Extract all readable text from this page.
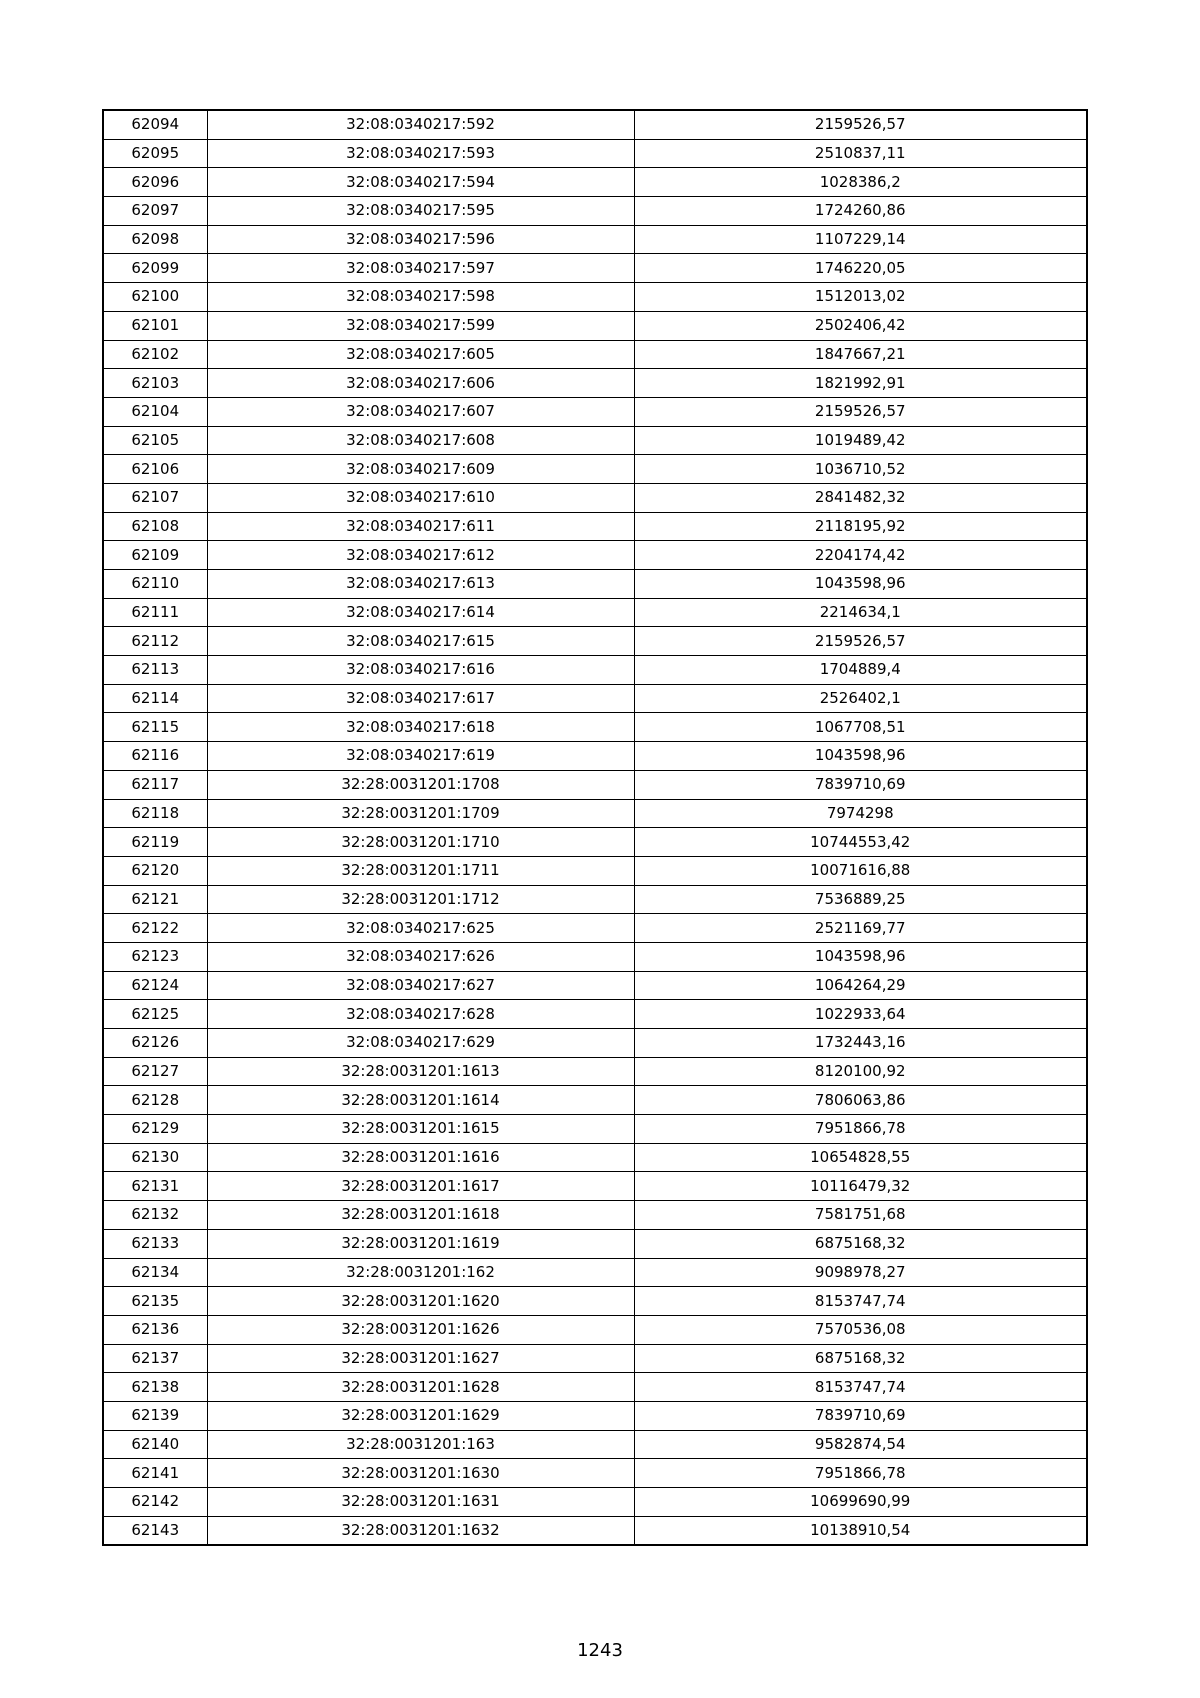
62094	32:08:0340217:592	2159526,57
62095	32:08:0340217:593	2510837,11
62096	32:08:0340217:594	1028386,2
62097	32:08:0340217:595	1724260,86
62098	32:08:0340217:596	1107229,14
62099	32:08:0340217:597	1746220,05
62100	32:08:0340217:598	1512013,02
62101	32:08:0340217:599	2502406,42
62102	32:08:0340217:605	1847667,21
62103	32:08:0340217:606	1821992,91
62104	32:08:0340217:607	2159526,57
62105	32:08:0340217:608	1019489,42
62106	32:08:0340217:609	1036710,52
62107	32:08:0340217:610	2841482,32
62108	32:08:0340217:611	2118195,92
62109	32:08:0340217:612	2204174,42
62110	32:08:0340217:613	1043598,96
62111	32:08:0340217:614	2214634,1
62112	32:08:0340217:615	2159526,57
62113	32:08:0340217:616	1704889,4
62114	32:08:0340217:617	2526402,1
62115	32:08:0340217:618	1067708,51
62116	32:08:0340217:619	1043598,96
62117	32:28:0031201:1708	7839710,69
62118	32:28:0031201:1709	7974298
62119	32:28:0031201:1710	10744553,42
62120	32:28:0031201:1711	10071616,88
62121	32:28:0031201:1712	7536889,25
62122	32:08:0340217:625	2521169,77
62123	32:08:0340217:626	1043598,96
62124	32:08:0340217:627	1064264,29
62125	32:08:0340217:628	1022933,64
62126	32:08:0340217:629	1732443,16
62127	32:28:0031201:1613	8120100,92
62128	32:28:0031201:1614	7806063,86
62129	32:28:0031201:1615	7951866,78
62130	32:28:0031201:1616	10654828,55
62131	32:28:0031201:1617	10116479,32
62132	32:28:0031201:1618	7581751,68
62133	32:28:0031201:1619	6875168,32
62134	32:28:0031201:162	9098978,27
62135	32:28:0031201:1620	8153747,74
62136	32:28:0031201:1626	7570536,08
62137	32:28:0031201:1627	6875168,32
62138	32:28:0031201:1628	8153747,74
62139	32:28:0031201:1629	7839710,69
62140	32:28:0031201:163	9582874,54
62141	32:28:0031201:1630	7951866,78
62142	32:28:0031201:1631	10699690,99
62143	32:28:0031201:1632	10138910,54
1243
